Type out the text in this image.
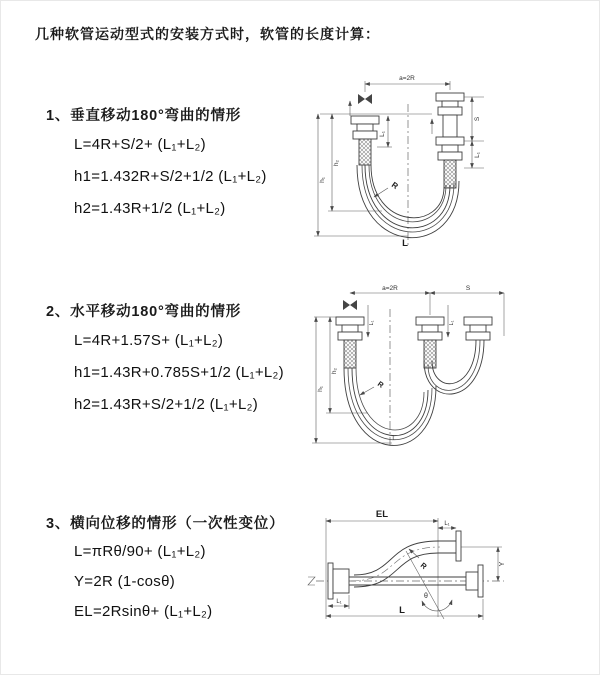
几种软管运动型式的安装方式时，软管的长度计算：
1、垂直移动180°弯曲的情形
L=4R+S/2+ (L₁+L₂)
h1=1.432R+S/2+1/2 (L₁+L₂)
h2=1.43R+1/2 (L₁+L₂)
a=2R
L₁
S
L₁
h₂
h₁
R
L
2、水平移动180°弯曲的情形
L=4R+1.57S+ (L₁+L₂)
h1=1.43R+0.785S+1/2 (L₁+L₂)
h2=1.43R+S/2+1/2 (L₁+L₂)
a=2R	S
L₁	L₁
h₂
h₁	R
L
3、横向位移的情形（一次性变位）
L=πRθ/90+ (L₁+L₂)
Y=2R (1-cosθ)
EL=2Rsinθ+ (L₁+L₂)
EL
L₁
Y
θ
R
L₁
L
